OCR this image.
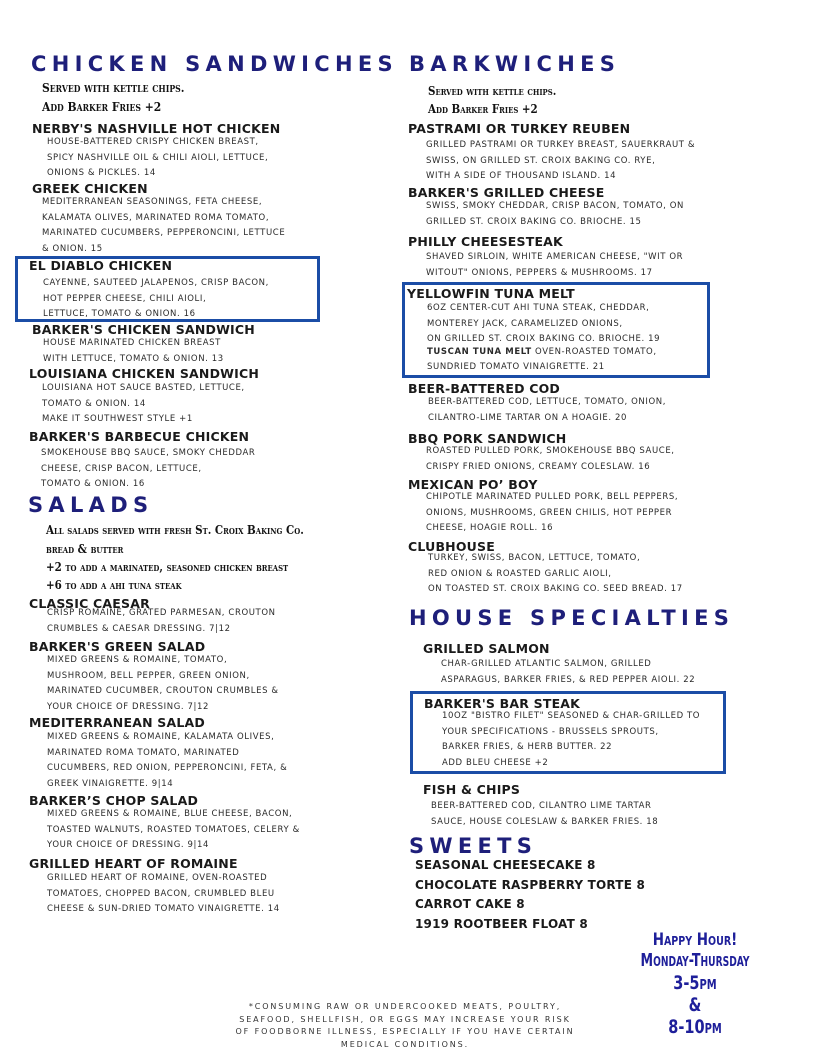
CHICKEN SANDWICHES

Served with kettle chips.

Add Barker Fries +2

NERBY'S NASHVILLE HOT CHICKEN

HOUSE-BATTERED CRISPY CHICKEN BREAST,
SPICY NASHVILLE OIL & CHILI AIOLI, LETTUCE,
ONIONS & PICKLES. 14

GREEK CHICKEN

MEDITERRANEAN SEASONINGS, FETA CHEESE,
KALAMATA OLIVES, MARINATED ROMA TOMATO,
MARINATED CUCUMBERS, PEPPERONCINI, LETTUCE
& ONION. 15

EL DIABLO CHICKEN

CAYENNE, SAUTEED JALAPENOS, CRISP BACON,
HOT PEPPER CHEESE, CHILI AIOLI,
LETTUCE, TOMATO & ONION. 16

BARKER'S CHICKEN SANDWICH

HOUSE MARINATED CHICKEN BREAST
WITH LETTUCE, TOMATO & ONION. 13

LOUISIANA CHICKEN SANDWICH

LOUISIANA HOT SAUCE BASTED, LETTUCE,
TOMATO & ONION. 14
MAKE IT SOUTHWEST STYLE +1

BARKER'S BARBECUE CHICKEN

SMOKEHOUSE BBQ SAUCE, SMOKY CHEDDAR
CHEESE, CRISP BACON, LETTUCE,
TOMATO & ONION. 16

SALADS

All salads served with fresh St. Croix Baking Co.

bread & butter

+2 to add a marinated, seasoned chicken breast

+6 to add a ahi tuna steak

CLASSIC CAESAR

CRISP ROMAINE, GRATED PARMESAN, CROUTON
CRUMBLES & CAESAR DRESSING. 7|12

BARKER'S GREEN SALAD

MIXED GREENS & ROMAINE, TOMATO,
MUSHROOM, BELL PEPPER, GREEN ONION,
MARINATED CUCUMBER, CROUTON CRUMBLES &
YOUR CHOICE OF DRESSING. 7|12

MEDITERRANEAN SALAD

MIXED GREENS & ROMAINE, KALAMATA OLIVES,
MARINATED ROMA TOMATO, MARINATED
CUCUMBERS, RED ONION, PEPPERONCINI, FETA, &
GREEK VINAIGRETTE. 9|14

BARKER’S CHOP SALAD

MIXED GREENS & ROMAINE, BLUE CHEESE, BACON,
TOASTED WALNUTS, ROASTED TOMATOES, CELERY &
YOUR CHOICE OF DRESSING. 9|14

GRILLED HEART OF ROMAINE

GRILLED HEART OF ROMAINE, OVEN-ROASTED
TOMATOES, CHOPPED BACON, CRUMBLED BLEU
CHEESE & SUN-DRIED TOMATO VINAIGRETTE. 14

BARKWICHES

Served with kettle chips.

Add Barker Fries +2

PASTRAMI OR TURKEY REUBEN

GRILLED PASTRAMI OR TURKEY BREAST, SAUERKRAUT &
SWISS, ON GRILLED ST. CROIX BAKING CO. RYE,
WITH A SIDE OF THOUSAND ISLAND. 14

BARKER'S GRILLED CHEESE

SWISS, SMOKY CHEDDAR, CRISP BACON, TOMATO, ON
GRILLED ST. CROIX BAKING CO. BRIOCHE. 15

PHILLY CHEESESTEAK

SHAVED SIRLOIN, WHITE AMERICAN CHEESE, "WIT OR
WITOUT" ONIONS, PEPPERS & MUSHROOMS. 17

YELLOWFIN TUNA MELT

6OZ CENTER-CUT AHI TUNA STEAK, CHEDDAR,
MONTEREY JACK, CARAMELIZED ONIONS,
ON GRILLED ST. CROIX BAKING CO. BRIOCHE. 19

TUSCAN TUNA MELT OVEN-ROASTED TOMATO,

SUNDRIED TOMATO VINAIGRETTE. 21

BEER-BATTERED COD

BEER-BATTERED COD, LETTUCE, TOMATO, ONION,
CILANTRO-LIME TARTAR ON A HOAGIE. 20

BBQ PORK SANDWICH

ROASTED PULLED PORK, SMOKEHOUSE BBQ SAUCE,
CRISPY FRIED ONIONS, CREAMY COLESLAW. 16

MEXICAN PO’ BOY

CHIPOTLE MARINATED PULLED PORK, BELL PEPPERS,
ONIONS, MUSHROOMS, GREEN CHILIS, HOT PEPPER
CHEESE, HOAGIE ROLL. 16

CLUBHOUSE

TURKEY, SWISS, BACON, LETTUCE, TOMATO,
RED ONION & ROASTED GARLIC AIOLI,
ON TOASTED ST. CROIX BAKING CO. SEED BREAD. 17

HOUSE SPECIALTIES
GRILLED SALMON

CHAR-GRILLED ATLANTIC SALMON, GRILLED
ASPARAGUS, BARKER FRIES, & RED PEPPER AIOLI. 22

BARKER'S BAR STEAK

10OZ "BISTRO FILET" SEASONED & CHAR-GRILLED TO
YOUR SPECIFICATIONS - BRUSSELS SPROUTS,
BARKER FRIES, & HERB BUTTER. 22
ADD BLEU CHEESE +2

FISH & CHIPS

BEER-BATTERED COD, CILANTRO LIME TARTAR
SAUCE, HOUSE COLESLAW & BARKER FRIES. 18

SWEETS
SEASONAL CHEESECAKE 8
CHOCOLATE RASPBERRY TORTE 8
CARROT CAKE 8
1919 ROOTBEER FLOAT 8
Happy Hour!
Monday-Thursday
3-5pm
&
8-10pm

*CONSUMING RAW OR UNDERCOOKED MEATS, POULTRY,
SEAFOOD, SHELLFISH, OR EGGS MAY INCREASE YOUR RISK
OF FOODBORNE ILLNESS, ESPECIALLY IF YOU HAVE CERTAIN
MEDICAL CONDITIONS.
